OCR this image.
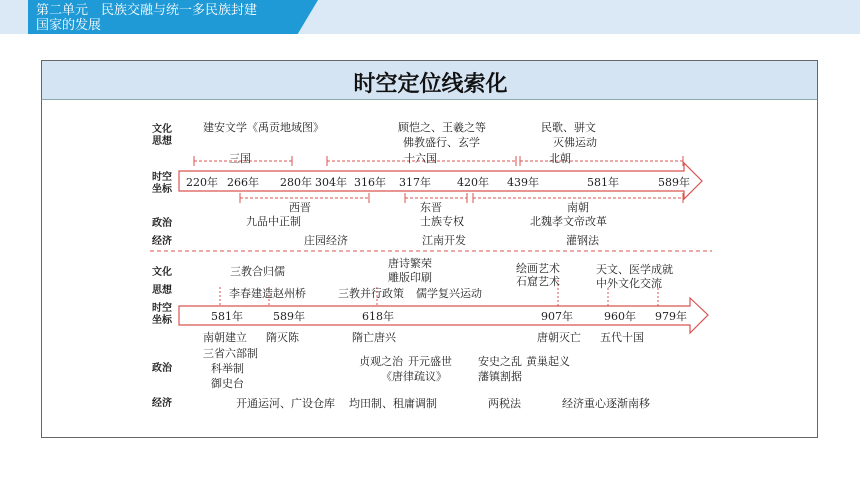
第二单元　民族交融与统一多民族封建
国家的发展
时空定位线索化
文化
思想
时空
坐标
政治
经济
建安文学《禹贡地域图》	顾恺之、王羲之等
佛教盛行、玄学
民歌、骈文
灭佛运动
三国	十六国	北朝
220年 266年 280年 304年 316年 317年 420年 439年	581年	589年
西晋	东晋	南朝
九品中正制	士族专权	北魏孝文帝改革
庄园经济	江南开发	灌钢法
文化
思想
时空
坐标
政治
经济
三教合归儒
唐诗繁荣
雕版印刷
绘画艺术
石窟艺术
天文、医学成就
中外文化交流
李春建造赵州桥	三教并行政策 儒学复兴运动
581年	589年	618年	907年	960年 979年
南朝建立 隋灭陈	隋亡唐兴	唐朝灭亡 五代十国
三省六部制
科举制
御史台
贞观之治 开元盛世
《唐律疏议》
安史之乱 黄巢起义
藩镇割据
开通运河、广设仓库 均田制、租庸调制	两税法	经济重心逐渐南移
